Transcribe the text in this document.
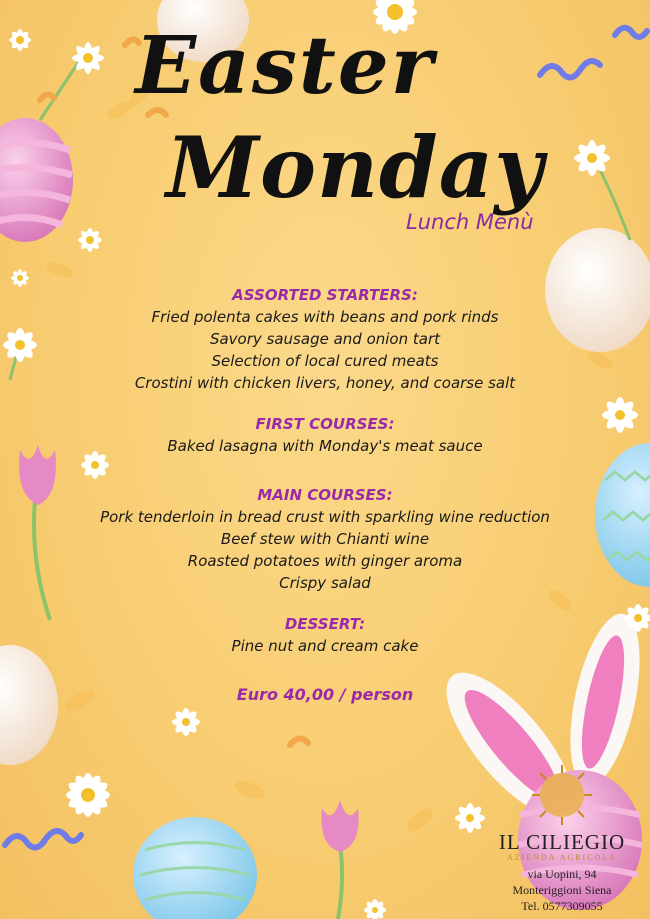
Easter
Monday
Lunch Menù
ASSORTED STARTERS:
Fried polenta cakes with beans and pork rinds
Savory sausage and onion tart
Selection of local cured meats
Crostini with chicken livers, honey, and coarse salt
FIRST COURSES:
Baked lasagna with Monday's meat sauce
MAIN COURSES:
Pork tenderloin in bread crust with sparkling wine reduction
Beef stew with Chianti wine
Roasted potatoes with ginger aroma
Crispy salad
DESSERT:
Pine nut and cream cake
Euro 40,00 / person
IL CILIEGIO
AZIENDA AGRICOLA
via Uopini, 94
Monteriggioni Siena
Tel. 0577309055
